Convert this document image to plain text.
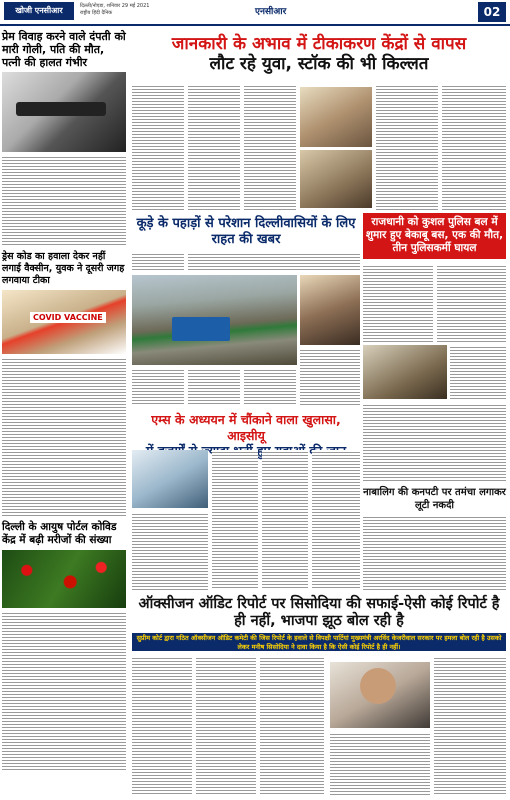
खोजी एनसीआर	दिल्ली/नोएडा, शनिवार 29 मई 2021
राष्ट्रीय हिंदी दैनिक	एनसीआर	02
प्रेम विवाह करने वाले दंपती को मारी गोली, पति की मौत, पत्नी की हालत गंभीर
ड्रेस कोड का हवाला देकर नहीं लगाई वैक्सीन, युवक ने दूसरी जगह लगवाया टीका
COVID VACCINE
दिल्ली के आयुष पोर्टल कोविड केंद्र में बढ़ी मरीजों की संख्या
जानकारी के अभाव में टीकाकरण केंद्रों से वापस
लौट रहे युवा, स्टॉक की भी किल्लत
कूड़े के पहाड़ों से परेशान दिल्लीवासियों के लिए राहत की खबर
राजधानी को कुशल पुलिस बल में शुमार हुए बेकाबू बस, एक की मौत, तीन पुलिसकर्मी घायल
एम्स के अध्ययन में चौंकाने वाला खुलासा, आइसीयू
नाबालिग की कनपटी पर तमंचा लगाकर लूटी नकदी
ऑक्सीजन ऑडिट रिपोर्ट पर सिसोदिया की सफाई-ऐसी कोई रिपोर्ट है ही नहीं, भाजपा झूठ बोल रही है
सुप्रीम कोर्ट द्वारा गठित ऑक्सीजन ऑडिट कमेटी की जिस रिपोर्ट के हवाले से विपक्षी पार्टियां मुख्यमंत्री अरविंद केजरीवाल सरकार पर हमला बोल रही है उसको लेकर मनीष सिसोदिया ने दावा किया है कि ऐसी कोई रिपोर्ट है ही नहीं।
